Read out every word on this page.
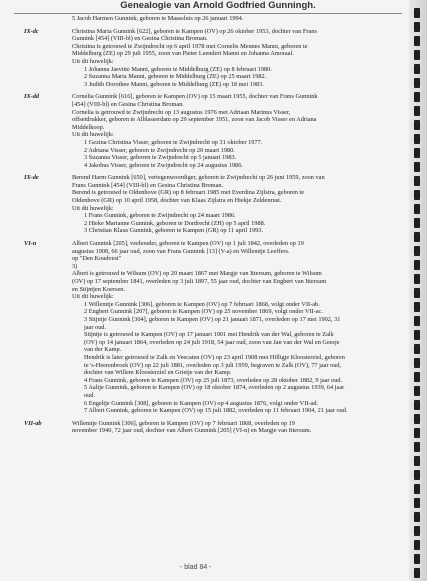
Genealogie van Arnold Godfried Gunningh.
5 Jacob Harmen Gunnink, geboren te Maassluis op 26 januari 1994.
IX-dc	Christina Maria Gunnink [622], geboren te Kampen (OV) op 26 oktober 1953, dochter van Frans
Gunnink [454] (VIII-bl) en Gesina Christina Broman.
Christina is getrouwd te Zwijndrecht op 6 april 1978 met Cornelis Mennes Manni, geboren te
Middelburg (ZE) op 29 juli 1955, zoon van Pieter Leendert Manni en Johanna Amoraal.
Uit dit huwelijk:
1 Johanna Jasvitte Manni, geboren te Middelburg (ZE) op 8 februari 1980.
2 Suzanna Maria Manni, geboren te Middelburg (ZE) op 25 maart 1982.
3 Judith Dorothee Manni, geboren te Middelburg (ZE) op 18 mei 1983.
IX-dd	Cornelia Gunnink [616], geboren te Kampen (OV) op 15 maart 1955, dochter van Frans Gunnink
[454] (VIII-bl) en Gesina Christina Broman.
Cornelia is getrouwd te Zwijndrecht op 13 augustus 1976 met Adriaan Marinus Visser,
offsetdrukker, geboren te Alblasserdam op 29 september 1951, zoon van Jacob Visser en Adriana
Middelkoop.
Uit dit huwelijk:
1 Gezina Christina Visser, geboren te Zwijndrecht op 31 oktober 1977.
2 Adriana Visser, geboren te Zwijndrecht op 20 maart 1980.
3 Suzanna Visser, geboren te Zwijndrecht op 5 januari 1983.
4 Jakobus Visser, geboren te Zwijndrecht op 24 augustus 1986.
IX-de	Berend Harm Gunnink [650], vertegenwoordiger, geboren te Zwijndrecht op 26 juni 1959, zoon van
Frans Gunnink [454] (VIII-bl) en Gesina Christina Broman.
Berend is getrouwd te Oldenhove (GR) op 8 februari 1985 met Everdina Zijlstra, geboren te
Oldenhove (GR) op 10 april 1958, dochter van Klaas Zijlstra en Hiekje Zeldenrust.
Uit dit huwelijk:
1 Frans Gunnink, geboren te Zwijndrecht op 24 maart 1986.
2 Hieke Marianne Gunnink, geboren te Dordrecht (ZH) op 5 april 1988.
3 Christian Klaus Gunnink, geboren te Kampen (GR) op 11 april 1993.
VI-n	Albert Gunnink [205], veehouder, geboren te Kampen (OV) op 1 juli 1842, overleden op 19
augustus 1908, 66 jaar oud, zoon van Frans Gunnink [13] (V-a) en Willemtje Leeffers.
op "Den Koudvest"
3)
Albert is getrouwd te Wilsum (OV) op 20 maart 1867 met Margje van Ittersum, geboren te Wilsum
(OV) op 17 september 1841, overleden op 3 juli 1897, 55 jaar oud, dochter van Engbert van Ittersum
en Stijntjen Koersen.
Uit dit huwelijk:
1 Willemtje Gunnink [306], geboren te Kampen (OV) op 7 februari 1868, volgt onder VII-ab.
2 Engbert Gunnink [207], geboren te Kampen (OV) op 25 november 1869, volgt onder VII-ac.
3 Stijntje Gunnink [304], geboren te Kampen (OV) op 21 januari 1871, overleden op 17 mei 1902, 31
jaar oud.
Stijntje is getrouwd te Kampen (OV) op 17 januari 1901 met Hendrik van der Wal, geboren te Zalk
(OV) op 14 januari 1864, overleden op 24 juli 1918, 54 jaar oud, zoon van Jan van der Wal en Geesje
van der Kamp.
Hendrik is later getrouwd te Zalk en Veecaten (OV) op 23 april 1908 met Hilligje Kloosterziel, geboren
te 's-Heerenbroek (OV) op 22 juli 1881, overleden op 3 juli 1959, begraven te Zalk (OV), 77 jaar oud,
dochter van Willem Kloosterziel en Grietje van der Kamp.
4 Frans Gunnink, geboren te Kampen (OV) op 25 juli 1873, overleden op 28 oktober 1882, 9 jaar oud.
5 Aaltje Gunnink, geboren te Kampen (OV) op 18 oktober 1874, overleden op 2 augustus 1939, 64 jaar
oud.
6 Engeltje Gunnink [308], geboren te Kampen (OV) op 4 augustus 1876, volgt onder VII-ad.
7 Albert Gunnink, geboren te Kampen (OV) op 15 juli 1882, overleden op 11 februari 1904, 21 jaar oud.
VII-ab	Willemtje Gunnink [306], geboren te Kampen (OV) op 7 februari 1868, overleden op 19
november 1940, 72 jaar oud, dochter van Albert Gunnink [205] (VI-n) en Margje van Ittersum.
- blad 84 -
